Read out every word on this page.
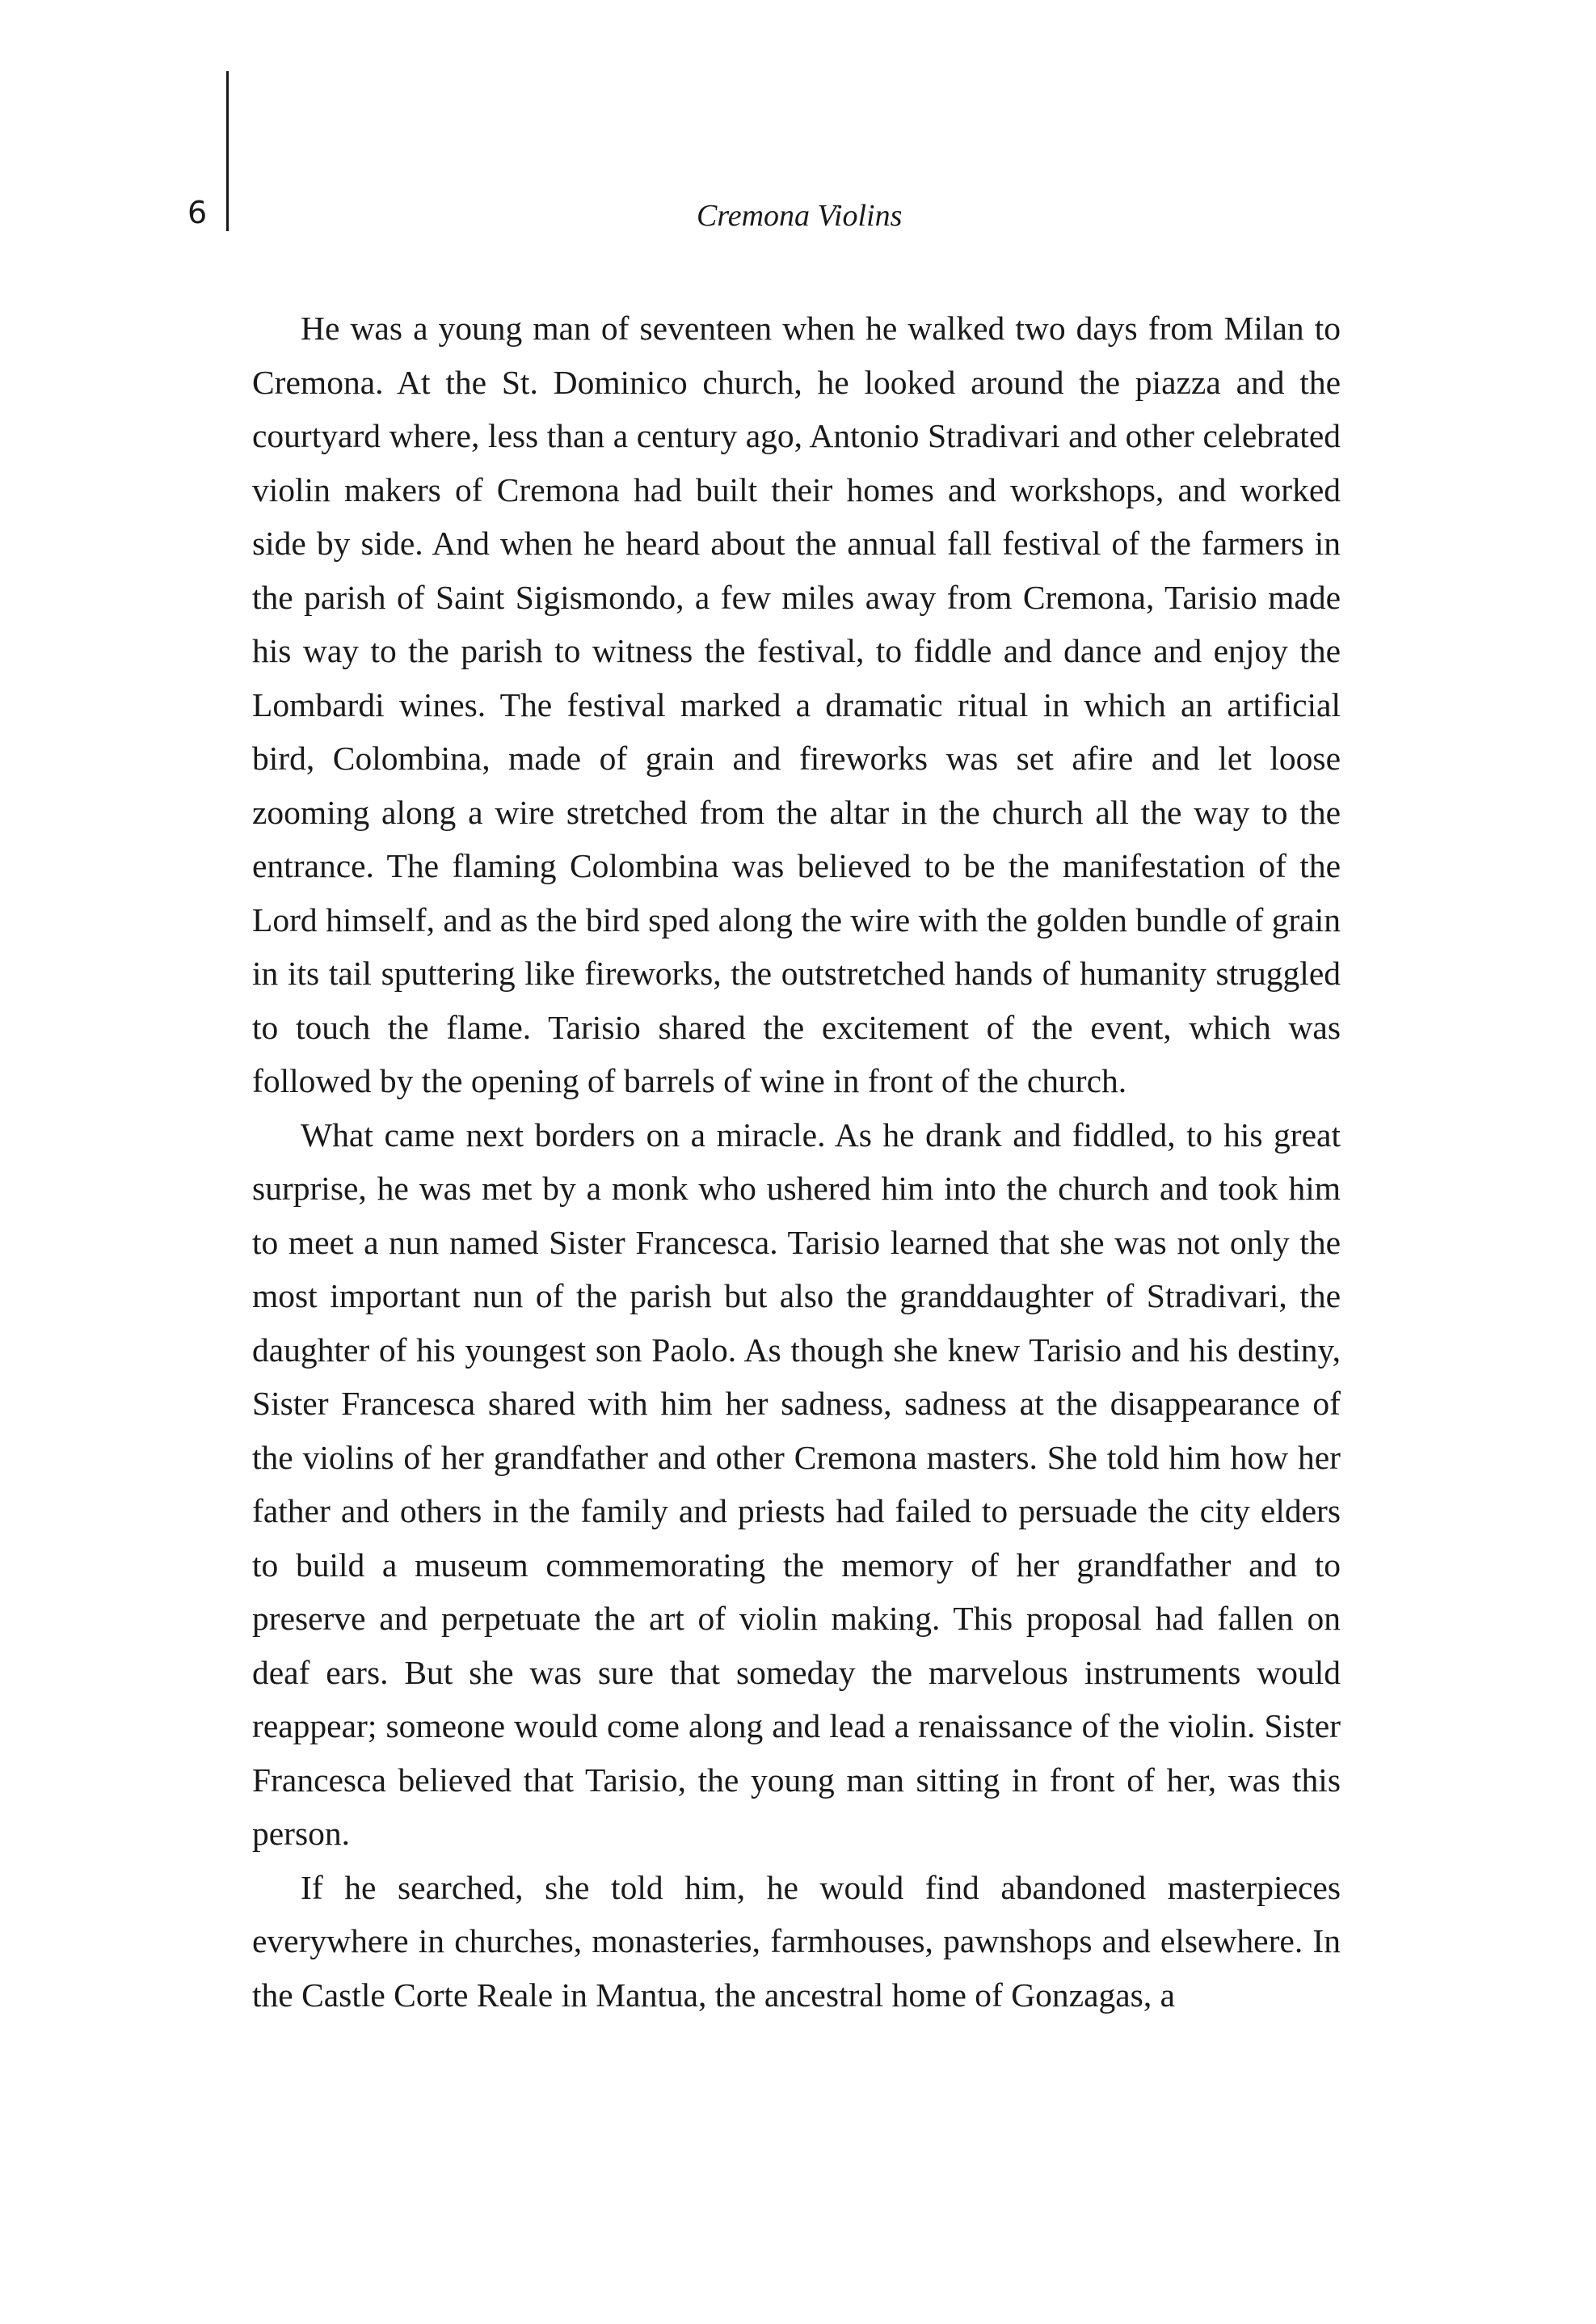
6	Cremona Violins

He was a young man of seventeen when he walked two days from Milan to Cremona. At the St. Dominico church, he looked around the piazza and the courtyard where, less than a century ago, Antonio Stradivari and other celebrated violin makers of Cremona had built their homes and workshops, and worked side by side. And when he heard about the annual fall festival of the farmers in the parish of Saint Sigismondo, a few miles away from Cremona, Tarisio made his way to the parish to witness the festival, to fiddle and dance and enjoy the Lombardi wines. The festival marked a dramatic ritual in which an artificial bird, Colombina, made of grain and fireworks was set afire and let loose zooming along a wire stretched from the altar in the church all the way to the entrance. The flaming Colombina was believed to be the manifestation of the Lord himself, and as the bird sped along the wire with the golden bundle of grain in its tail sputtering like fireworks, the outstretched hands of humanity struggled to touch the flame. Tarisio shared the excitement of the event, which was followed by the opening of barrels of wine in front of the church.

What came next borders on a miracle. As he drank and fiddled, to his great surprise, he was met by a monk who ushered him into the church and took him to meet a nun named Sister Francesca. Tarisio learned that she was not only the most important nun of the parish but also the granddaughter of Stradivari, the daughter of his youngest son Paolo. As though she knew Tarisio and his destiny, Sister Francesca shared with him her sadness, sadness at the disappearance of the violins of her grandfather and other Cremona masters. She told him how her father and others in the family and priests had failed to persuade the city elders to build a museum commemorating the memory of her grandfather and to preserve and perpetuate the art of violin making. This proposal had fallen on deaf ears. But she was sure that someday the marvelous instruments would reappear; someone would come along and lead a renaissance of the violin. Sister Francesca believed that Tarisio, the young man sitting in front of her, was this person.

If he searched, she told him, he would find abandoned masterpieces everywhere in churches, monasteries, farmhouses, pawnshops and elsewhere. In the Castle Corte Reale in Mantua, the ancestral home of Gonzagas, a
